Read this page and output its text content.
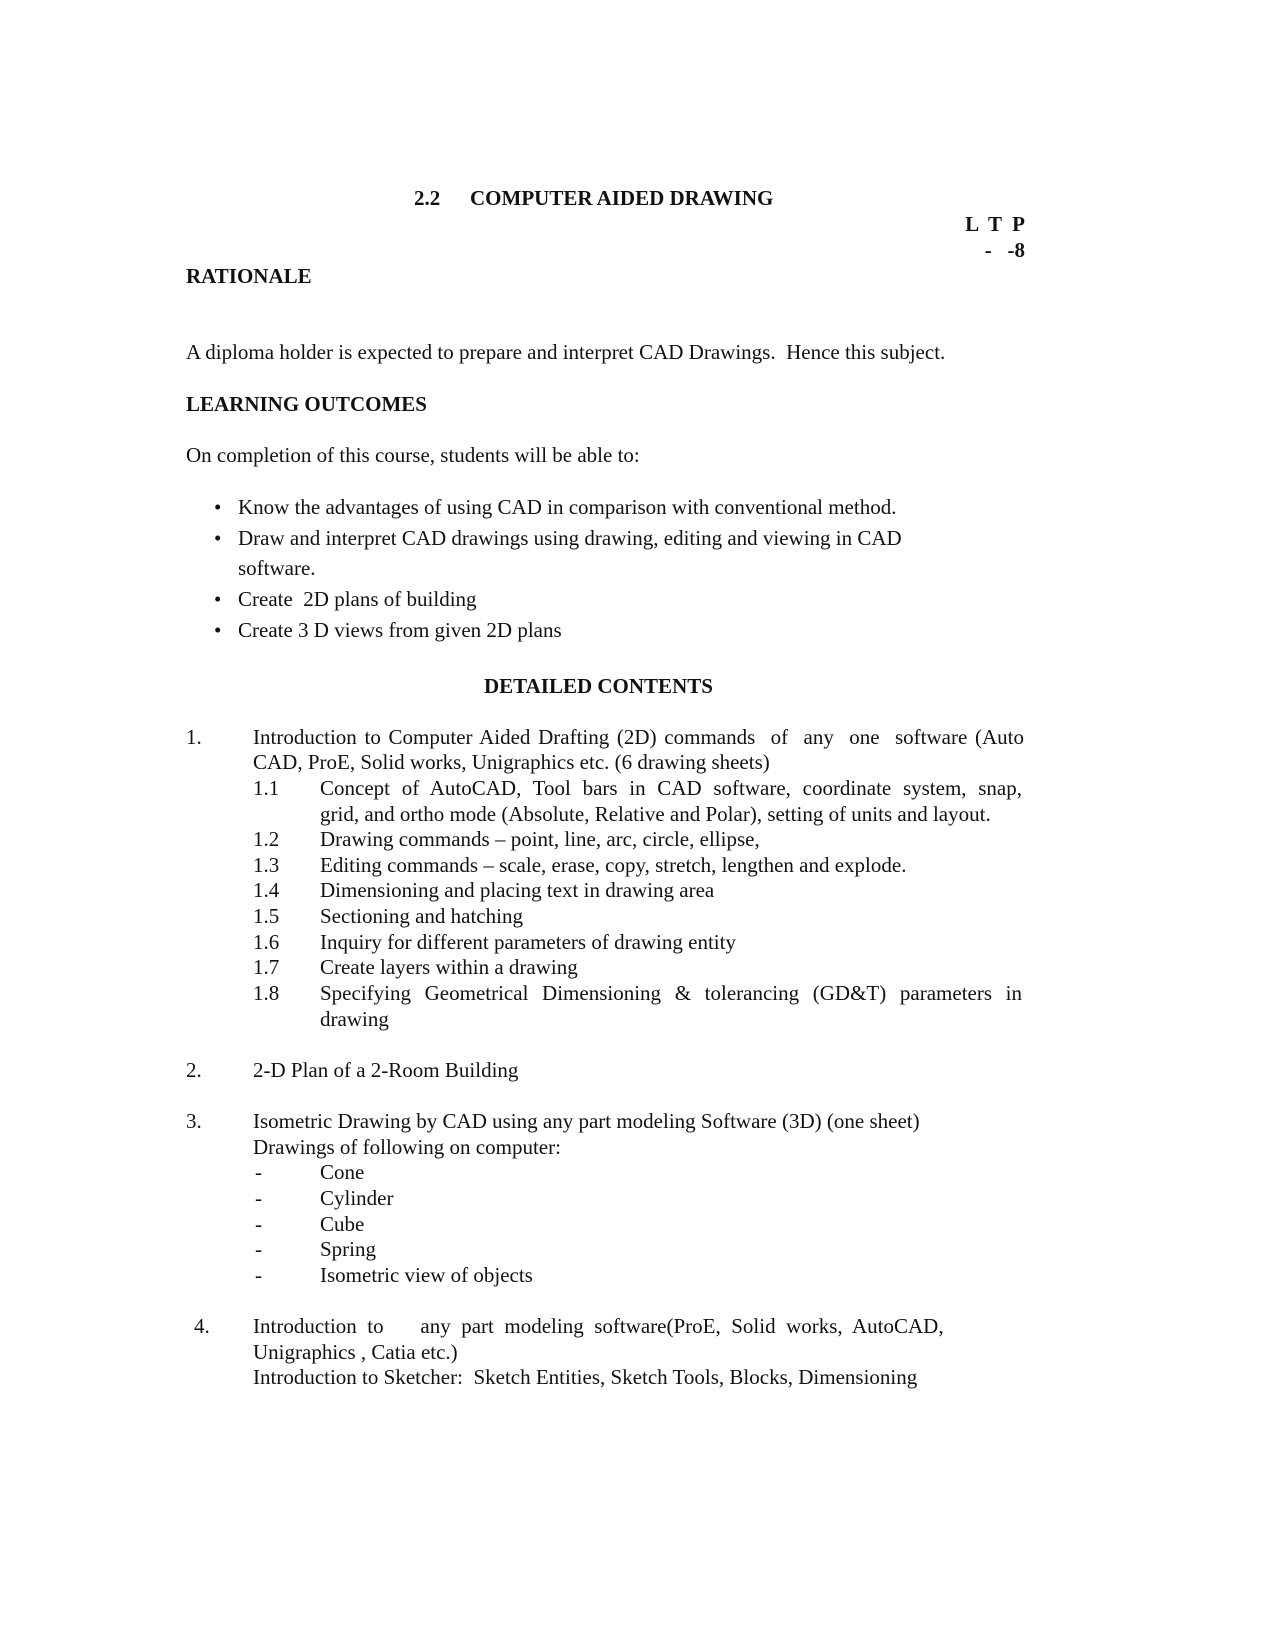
2.2 COMPUTER AIDED DRAWING
L  T  P
-   -8
RATIONALE
A diploma holder is expected to prepare and interpret CAD Drawings.  Hence this subject.
LEARNING OUTCOMES
On completion of this course, students will be able to:
• Know the advantages of using CAD in comparison with conventional method.
• Draw and interpret CAD drawings using drawing, editing and viewing in CAD
software.
• Create  2D plans of building
• Create 3 D views from given 2D plans
DETAILED CONTENTS
1. Introduction to Computer Aided Drafting (2D) commands  of  any  one  software (Auto
CAD, ProE, Solid works, Unigraphics etc. (6 drawing sheets)
1.1 Concept of AutoCAD, Tool bars in CAD software, coordinate system, snap,
grid, and ortho mode (Absolute, Relative and Polar), setting of units and layout.
1.2 Drawing commands – point, line, arc, circle, ellipse,
1.3 Editing commands – scale, erase, copy, stretch, lengthen and explode.
1.4 Dimensioning and placing text in drawing area
1.5 Sectioning and hatching
1.6 Inquiry for different parameters of drawing entity
1.7 Create layers within a drawing
1.8 Specifying Geometrical Dimensioning & tolerancing (GD&T) parameters in
drawing
2. 2-D Plan of a 2-Room Building
3. Isometric Drawing by CAD using any part modeling Software (3D) (one sheet)
Drawings of following on computer:
-	Cone
-	Cylinder
-	Cube
-	Spring
-	Isometric view of objects
4. Introduction  to       any  part  modeling  software(ProE,  Solid  works,  AutoCAD,
Unigraphics , Catia etc.)
Introduction to Sketcher:  Sketch Entities, Sketch Tools, Blocks, Dimensioning
